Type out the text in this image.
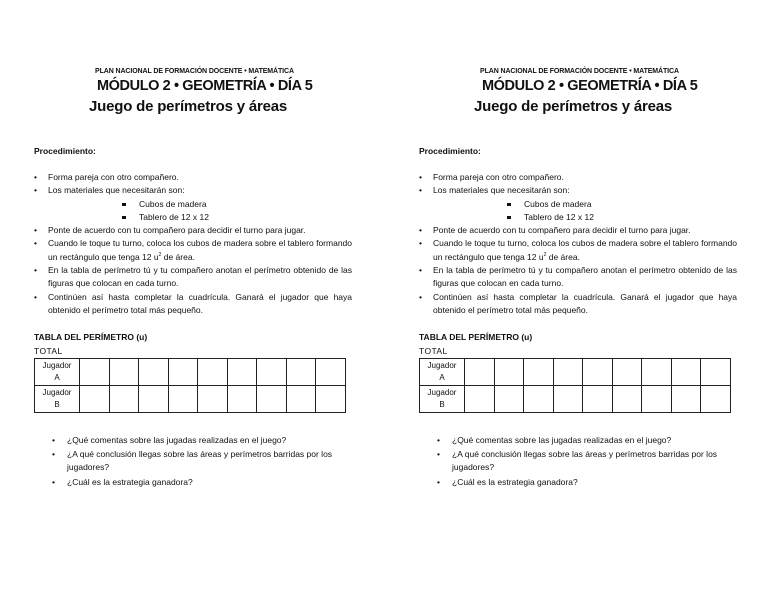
PLAN NACIONAL DE FORMACIÓN DOCENTE • MATEMÁTICA
MÓDULO 2 • GEOMETRÍA • DÍA 5
Juego de perímetros y áreas
Procedimiento:
• Forma pareja con otro compañero.
• Los materiales que necesitarán son:
Cubos de madera
Tablero de 12 x 12
• Ponte de acuerdo con tu compañero para decidir el turno para jugar.
• Cuando le toque tu turno, coloca los cubos de madera sobre el tablero formando un rectángulo que tenga 12 $u^2$ de área.
• En la tabla de perímetro tú y tu compañero anotan el perímetro obtenido de las figuras que colocan en cada turno.
• Continúen así hasta completar la cuadrícula. Ganará el jugador que haya obtenido el perímetro total más pequeño.
TABLA DEL PERÍMETRO (u)
TOTAL
Jugador
A									
Jugador
B									
• ¿Qué comentas sobre las jugadas realizadas en el juego?
• ¿A qué conclusión llegas sobre las áreas y perímetros barridas por los jugadores?
• ¿Cuál es la estrategia ganadora?
PLAN NACIONAL DE FORMACIÓN DOCENTE • MATEMÁTICA
MÓDULO 2 • GEOMETRÍA • DÍA 5
Juego de perímetros y áreas
Procedimiento:
• Forma pareja con otro compañero.
• Los materiales que necesitarán son:
Cubos de madera
Tablero de 12 x 12
• Ponte de acuerdo con tu compañero para decidir el turno para jugar.
• Cuando le toque tu turno, coloca los cubos de madera sobre el tablero formando un rectángulo que tenga 12 $u^2$ de área.
• En la tabla de perímetro tú y tu compañero anotan el perímetro obtenido de las figuras que colocan en cada turno.
• Continúen así hasta completar la cuadrícula. Ganará el jugador que haya obtenido el perímetro total más pequeño.
TABLA DEL PERÍMETRO (u)
TOTAL
Jugador
A									
Jugador
B									
• ¿Qué comentas sobre las jugadas realizadas en el juego?
• ¿A qué conclusión llegas sobre las áreas y perímetros barridas por los jugadores?
• ¿Cuál es la estrategia ganadora?
